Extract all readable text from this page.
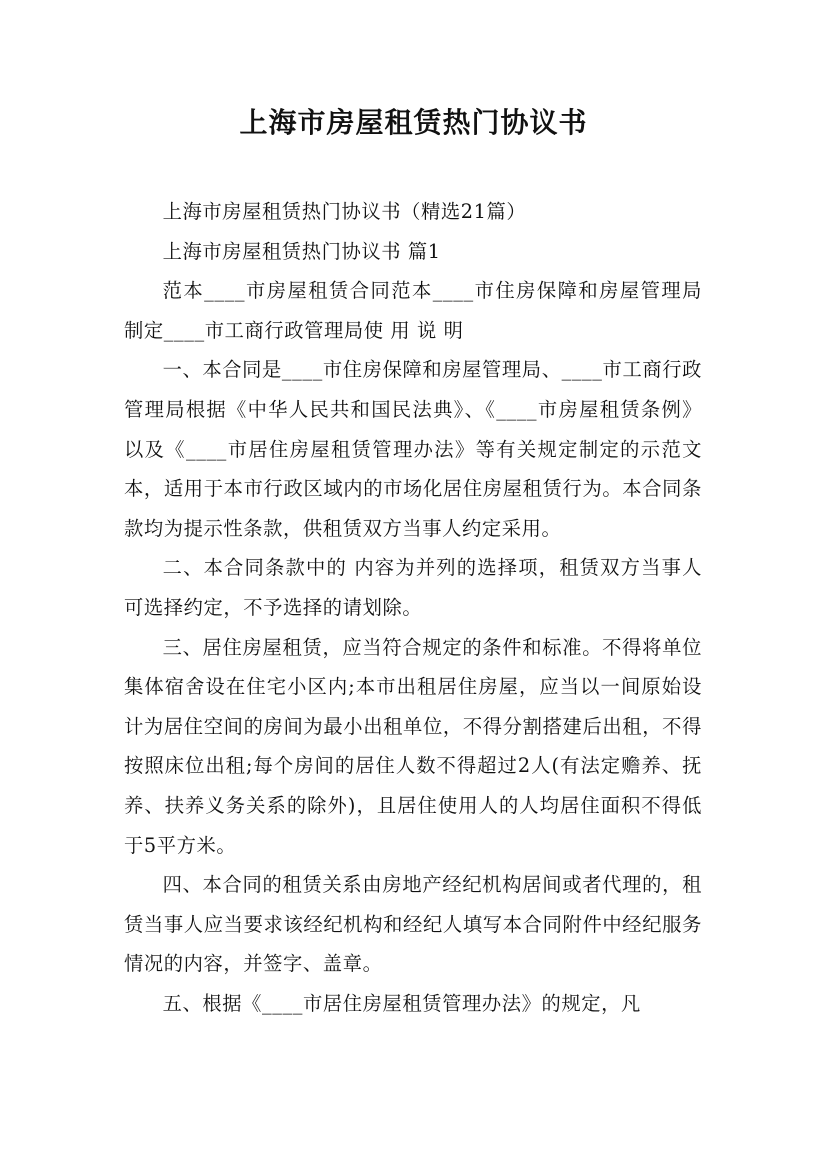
上海市房屋租赁热门协议书

上海市房屋租赁热门协议书（精选21篇）

上海市房屋租赁热门协议书 篇1

范本____市房屋租赁合同范本____市住房保障和房屋管理局 制定____市工商行政管理局使 用 说 明

一、本合同是____市住房保障和房屋管理局、____市工商行政管理局根据《中华人民共和国民法典》、《____市房屋租赁条例》以及《____市居住房屋租赁管理办法》等有关规定制定的示范文本，适用于本市行政区域内的市场化居住房屋租赁行为。本合同条款均为提示性条款，供租赁双方当事人约定采用。

二、本合同条款中的 内容为并列的选择项，租赁双方当事人可选择约定，不予选择的请划除。

三、居住房屋租赁，应当符合规定的条件和标准。不得将单位集体宿舍设在住宅小区内;本市出租居住房屋，应当以一间原始设计为居住空间的房间为最小出租单位，不得分割搭建后出租，不得按照床位出租;每个房间的居住人数不得超过2人(有法定赡养、抚养、扶养义务关系的除外)，且居住使用人的人均居住面积不得低于5平方米。

四、本合同的租赁关系由房地产经纪机构居间或者代理的，租赁当事人应当要求该经纪机构和经纪人填写本合同附件中经纪服务情况的内容，并签字、盖章。

五、根据《____市居住房屋租赁管理办法》的规定，凡
